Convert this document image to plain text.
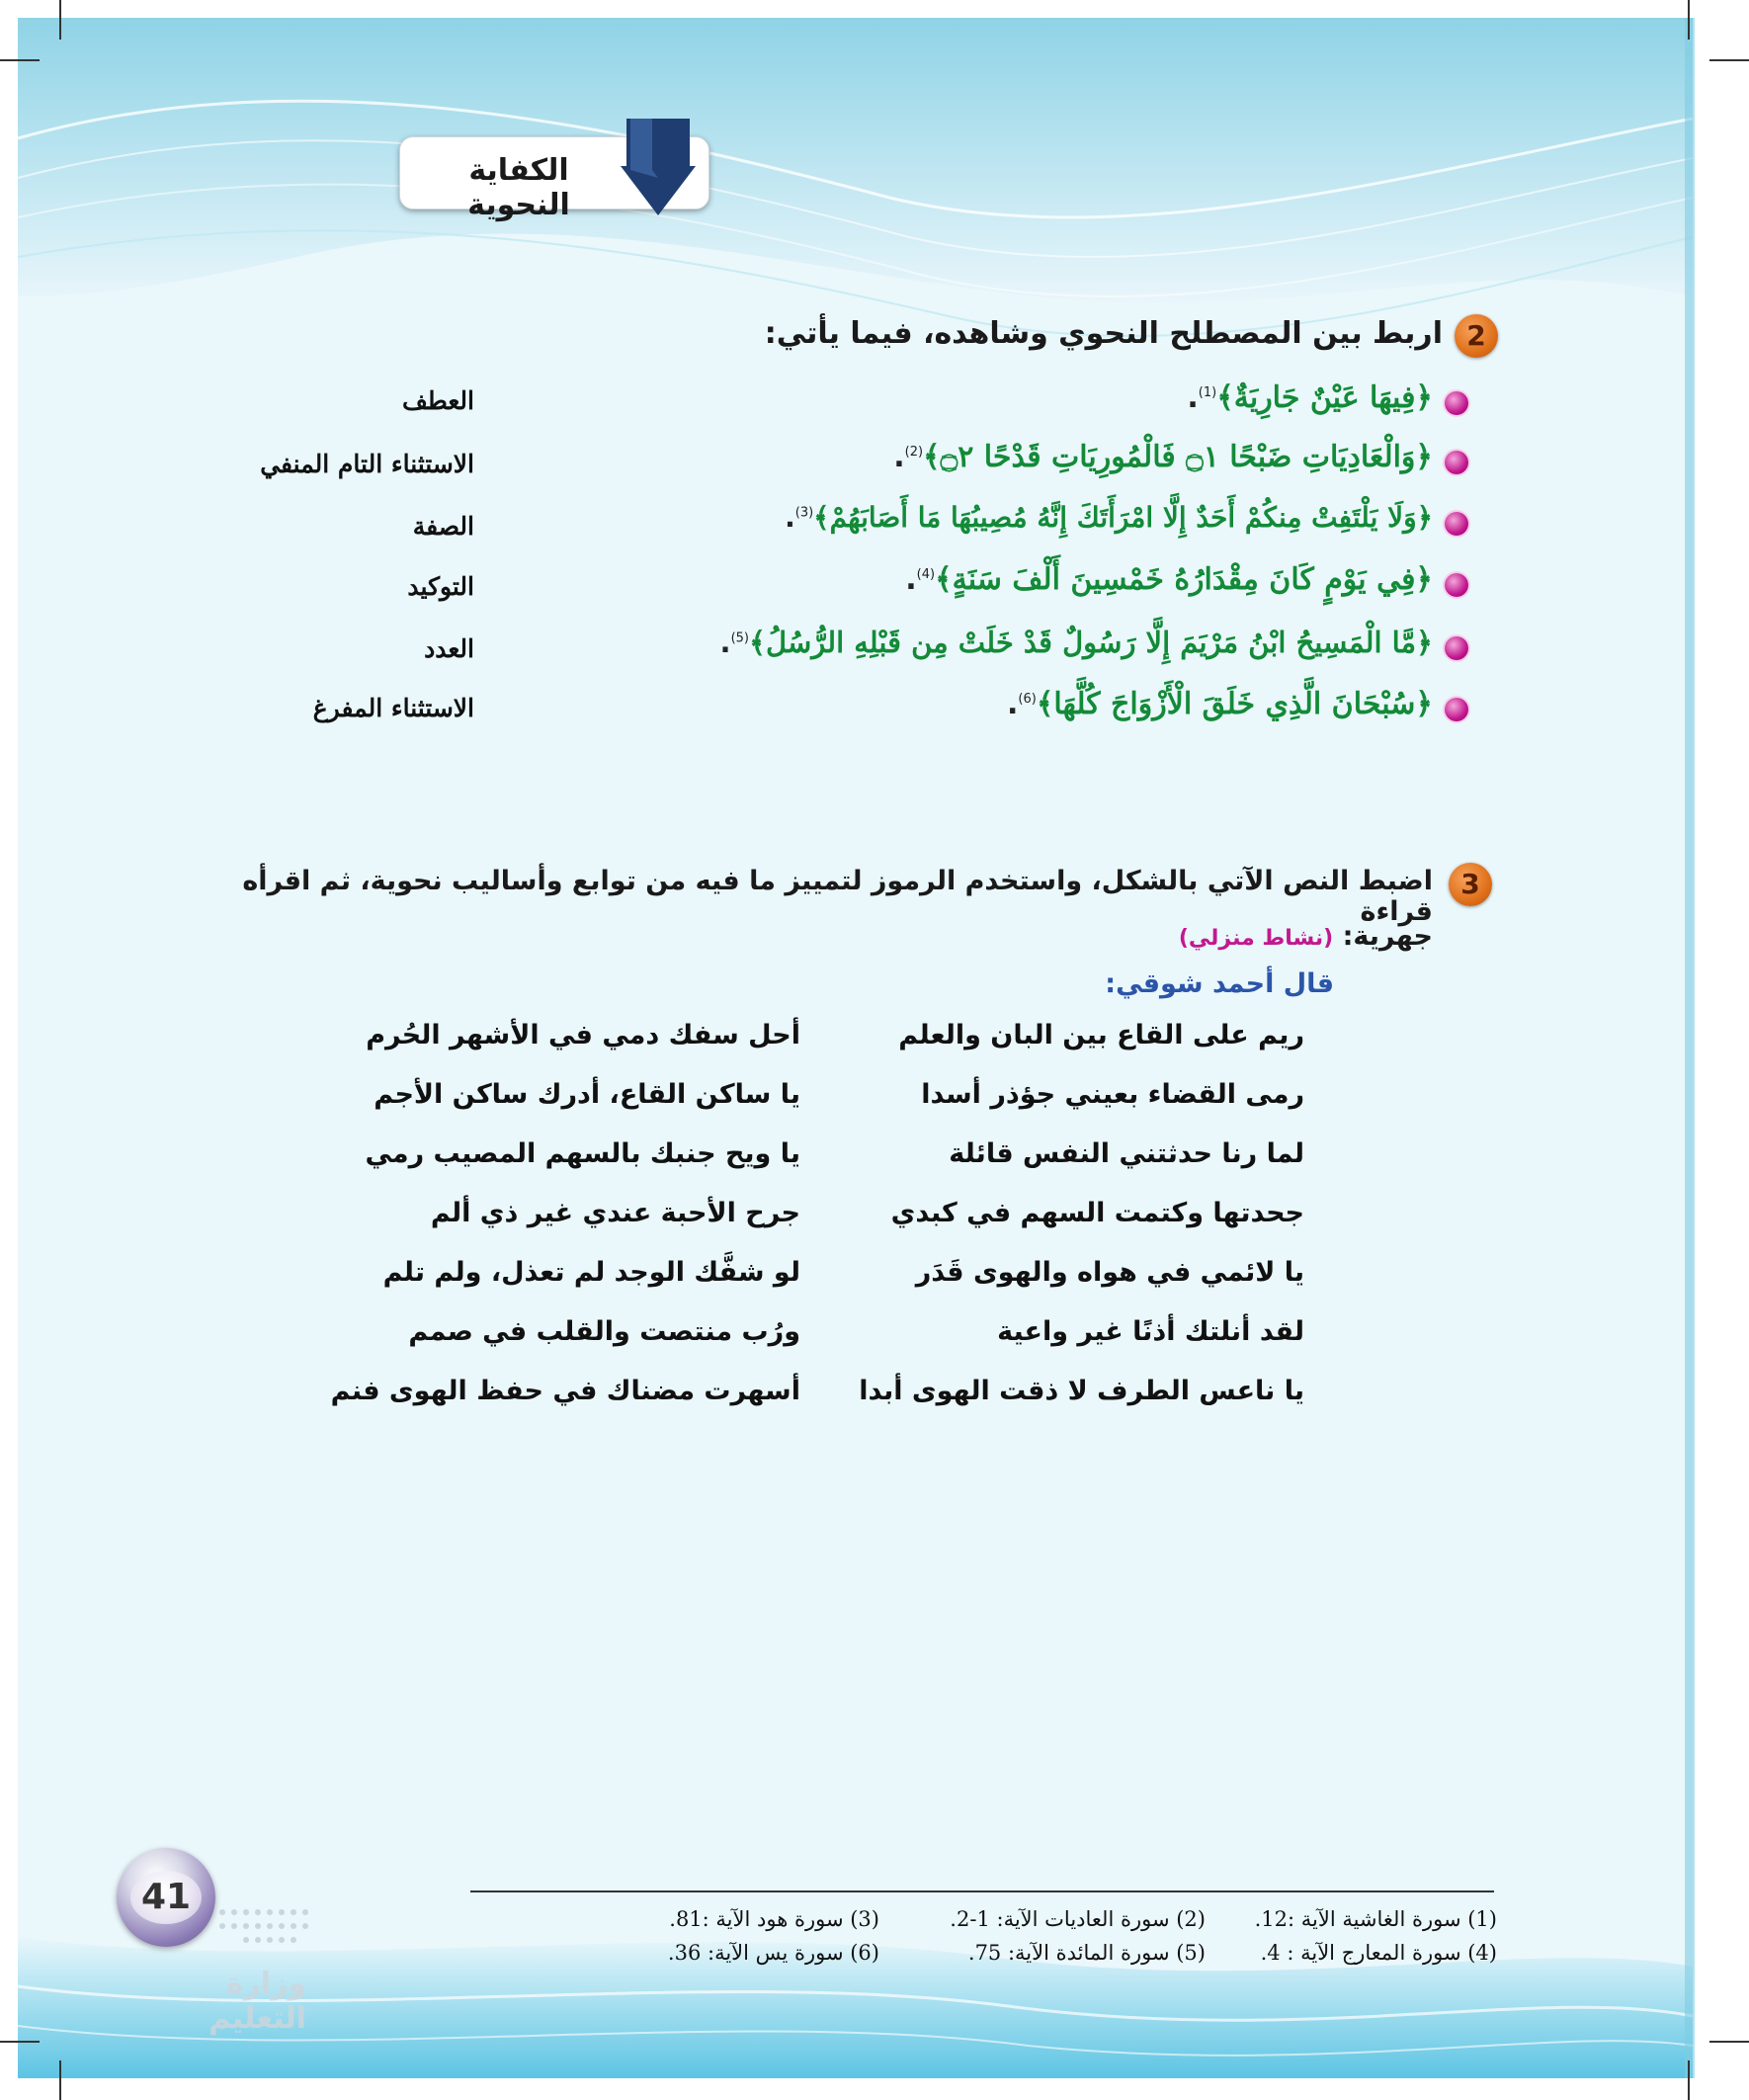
الكفاية النحوية
2
اربط بين المصطلح النحوي وشاهده، فيما يأتي:
﴿فِيهَا عَيْنٌ جَارِيَةٌ﴾$^{(1)}$.
العطف
﴿وَالْعَادِيَاتِ ضَبْحًا ۝١ فَالْمُورِيَاتِ قَدْحًا ۝٢﴾$^{(2)}$.
الاستثناء التام المنفي
﴿وَلَا يَلْتَفِتْ مِنكُمْ أَحَدٌ إِلَّا امْرَأَتَكَ إِنَّهُ مُصِيبُهَا مَا أَصَابَهُمْ﴾$^{(3)}$.
الصفة
﴿فِي يَوْمٍ كَانَ مِقْدَارُهُ خَمْسِينَ أَلْفَ سَنَةٍ﴾$^{(4)}$.
التوكيد
﴿مَّا الْمَسِيحُ ابْنُ مَرْيَمَ إِلَّا رَسُولٌ قَدْ خَلَتْ مِن قَبْلِهِ الرُّسُلُ﴾$^{(5)}$.
العدد
﴿سُبْحَانَ الَّذِي خَلَقَ الْأَزْوَاجَ كُلَّهَا﴾$^{(6)}$.
الاستثناء المفرغ
3
اضبط النص الآتي بالشكل، واستخدم الرموز لتمييز ما فيه من توابع وأساليب نحوية، ثم اقرأه قراءة
جهرية: (نشاط منزلي)
قال أحمد شوقي:
ريم على القاع بين البان والعلم
أحل سفك دمي في الأشهر الحُرم
رمى القضاء بعيني جؤذر أسدا
يا ساكن القاع، أدرك ساكن الأجم
لما رنا حدثتني النفس قائلة
يا ويح جنبك بالسهم المصيب رمي
جحدتها وكتمت السهم في كبدي
جرح الأحبة عندي غير ذي ألم
يا لائمي في هواه والهوى قَدَر
لو شفَّك الوجد لم تعذل، ولم تلم
لقد أنلتك أذنًا غير واعية
ورُب منتصت والقلب في صمم
يا ناعس الطرف لا ذقت الهوى أبدا
أسهرت مضناك في حفظ الهوى فنم
(1) سورة الغاشية الآية :12.
(2) سورة العاديات الآية: 1-2.
(3) سورة هود الآية :81.
(4) سورة المعارج الآية : 4.
(5) سورة المائدة الآية: 75.
(6) سورة يس الآية: 36.
41
وزارة التعليم
